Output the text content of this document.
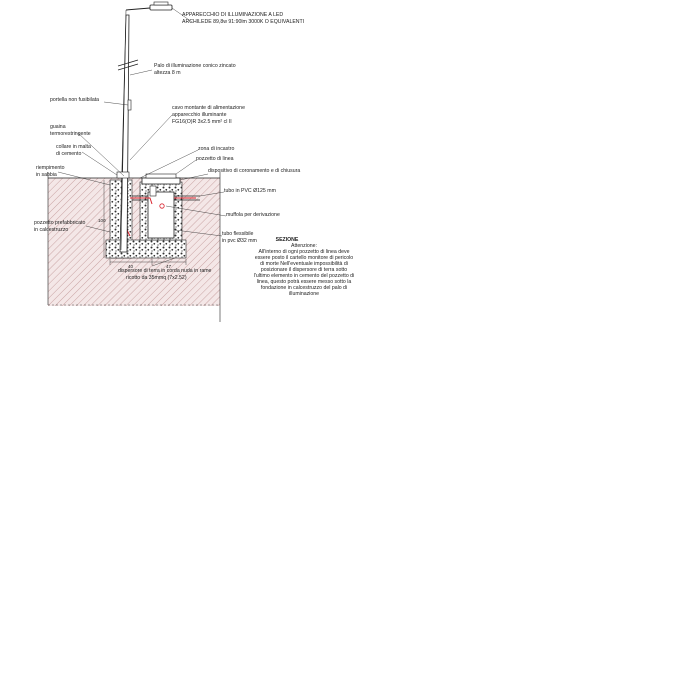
100
40	47
APPARECCHIO DI ILLUMINAZIONE A LED
ARCHILEDE 89,8w 91:90lm 3000K O EQUIVALENTI
Palo di illuminazione conico zincato
altezza 8 m
portella non fusibilata
cavo montante di alimentazione
apparecchio illuminante
FG16(O)R 3x2.5 mm² cl II
guaina
termorestringente
collare in malta
di cemento
riempimento
in sabbia
zona di incastro
pozzetto di linea
dispositivo di coronamento e di chiusura
tubo in PVC Ø125 mm
muffola per derivazione
pozzetto prefabbricato
in calcestruzzo
tubo flessibile
in pvc Ø32 mm
dispersore di terra in corda nuda in rame
ricotto da 35mmq (7x2.52)
SEZIONE
Attenzione:
All'interno di ogni pozzetto di linea deve
essere posto il cartello monitore di pericolo
di morte Nell'eventuale impossibilità di
posizionare il dispersore di terra sotto
l'ultimo elemento in cemento del pozzetto di
linea, questo potrà essere messo sotto la
fondazione in calcestruzzo del palo di
illuminazione
